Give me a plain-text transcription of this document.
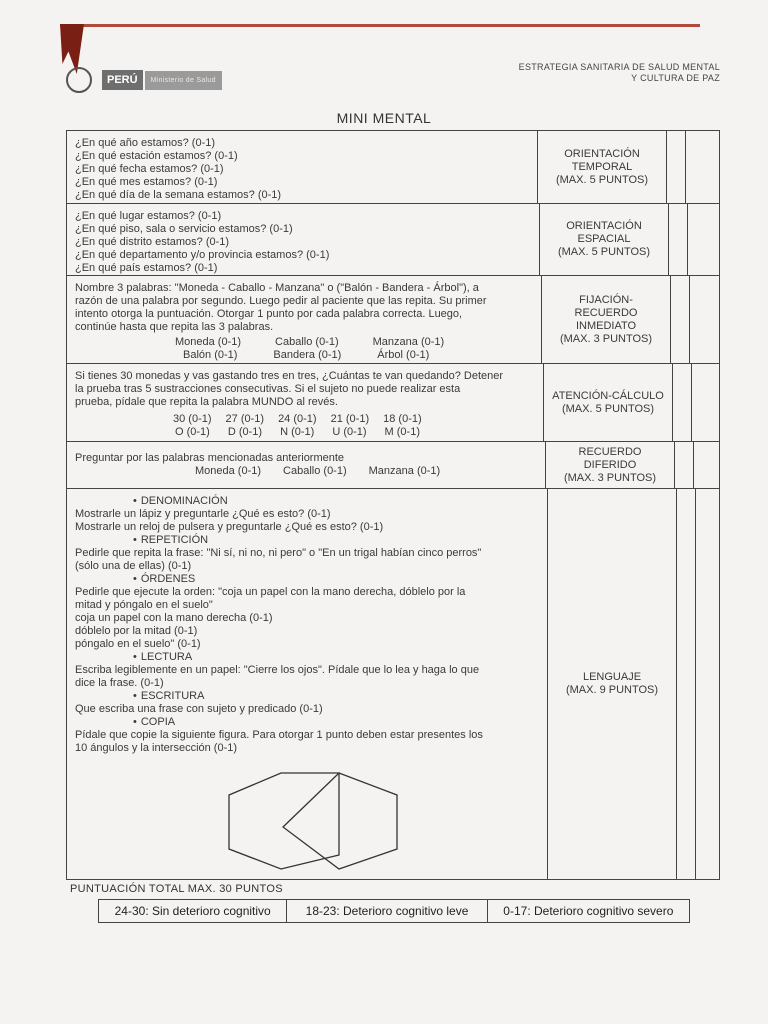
PERÚ	Ministerio de Salud
ESTRATEGIA SANITARIA DE SALUD MENTAL
Y CULTURA DE PAZ
MINI MENTAL
¿En qué año estamos? (0-1)
¿En qué estación estamos? (0-1)
¿En qué fecha estamos? (0-1)
¿En qué mes estamos? (0-1)
¿En qué día de la semana estamos? (0-1)
ORIENTACIÓN
TEMPORAL
(MAX. 5 PUNTOS)
¿En qué lugar estamos? (0-1)
¿En qué piso, sala o servicio estamos? (0-1)
¿En qué distrito estamos? (0-1)
¿En qué departamento y/o provincia estamos? (0-1)
¿En qué país estamos? (0-1)
ORIENTACIÓN
ESPACIAL
(MAX. 5 PUNTOS)
Nombre 3 palabras: "Moneda - Caballo - Manzana" o ("Balón - Bandera - Árbol"), a
razón de una palabra por segundo. Luego pedir al paciente que las repita. Su primer
intento otorga la puntuación. Otorgar 1 punto por cada palabra correcta. Luego,
continúe hasta que repita las 3 palabras.
Moneda (0-1)	Caballo (0-1)	Manzana (0-1)
Balón (0-1)	Bandera (0-1)	Árbol (0-1)
FIJACIÓN-
RECUERDO
INMEDIATO
(MAX. 3 PUNTOS)
Si tienes 30 monedas y vas gastando tres en tres, ¿Cuántas te van quedando? Detener
la prueba tras 5 sustracciones consecutivas. Si el sujeto no puede realizar esta
prueba, pídale que repita la palabra MUNDO al revés.
30 (0-1) 27 (0-1) 24 (0-1) 21 (0-1) 18 (0-1)
O (0-1) D (0-1) N (0-1) U (0-1) M (0-1)
ATENCIÓN-CÁLCULO
(MAX. 5 PUNTOS)
Preguntar por las palabras mencionadas anteriormente
Moneda (0-1) Caballo (0-1) Manzana (0-1)
RECUERDO
DIFERIDO
(MAX. 3 PUNTOS)
• DENOMINACIÓN
Mostrarle un lápiz y preguntarle ¿Qué es esto? (0-1)
Mostrarle un reloj de pulsera y preguntarle ¿Qué es esto? (0-1)
• REPETICIÓN
Pedirle que repita la frase: "Ni sí, ni no, ni pero" o "En un trigal habían cinco perros"
(sólo una de ellas) (0-1)
• ÓRDENES
Pedirle que ejecute la orden: "coja un papel con la mano derecha, dóblelo por la
mitad y póngalo en el suelo"
coja un papel con la mano derecha (0-1)
dóblelo por la mitad (0-1)
póngalo en el suelo" (0-1)
• LECTURA
Escriba legiblemente en un papel: "Cierre los ojos". Pídale que lo lea y haga lo que
dice la frase. (0-1)
• ESCRITURA
Que escriba una frase con sujeto y predicado (0-1)
• COPIA
Pídale que copie la siguiente figura. Para otorgar 1 punto deben estar presentes los
10 ángulos y la intersección (0-1)
LENGUAJE
(MAX. 9 PUNTOS)
PUNTUACIÓN TOTAL MAX. 30 PUNTOS
24-30: Sin deterioro cognitivo	18-23: Deterioro cognitivo leve	0-17: Deterioro cognitivo severo
